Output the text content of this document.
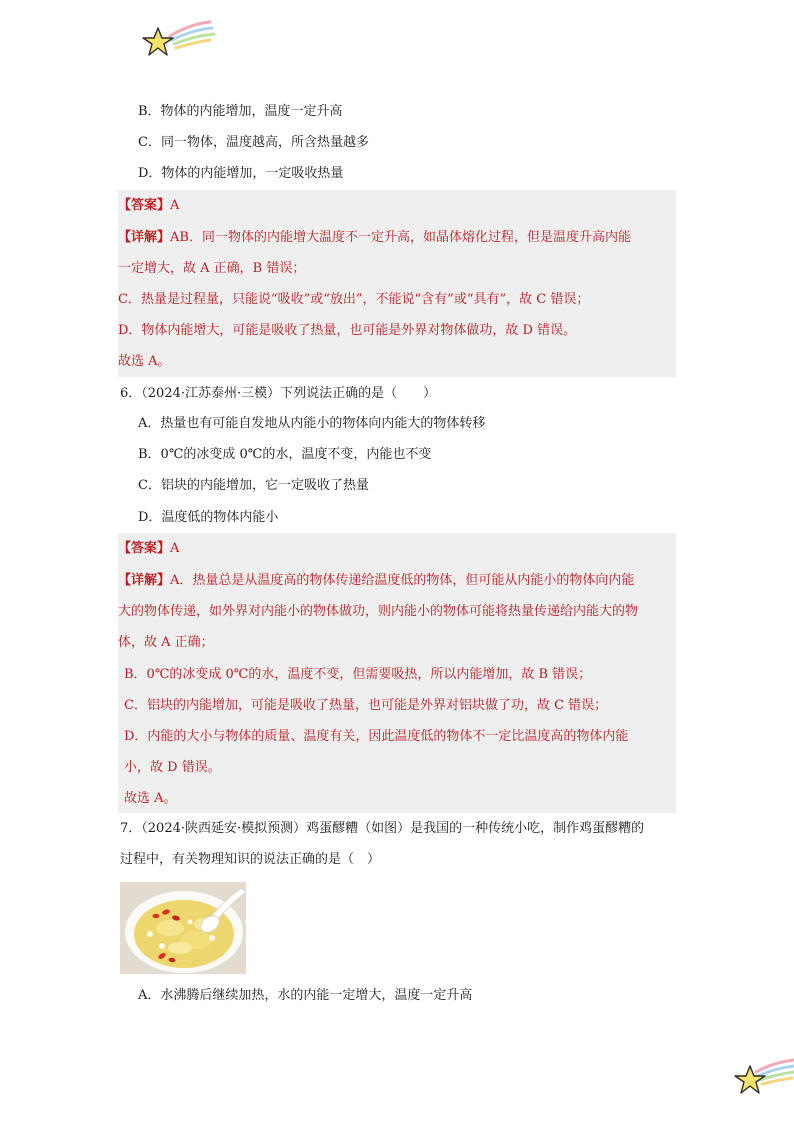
B．物体的内能增加，温度一定升高
C．同一物体，温度越高，所含热量越多
D．物体的内能增加，一定吸收热量
【答案】A
【详解】AB．同一物体的内能增大温度不一定升高，如晶体熔化过程，但是温度升高内能
一定增大，故 A 正确，B 错误；
C．热量是过程量，只能说“吸收”或“放出”，不能说“含有”或“具有”，故 C 错误；
D．物体内能增大，可能是吸收了热量，也可能是外界对物体做功，故 D 错误。
故选 A。
6．（2024·江苏泰州·三模）下列说法正确的是（　　）
A．热量也有可能自发地从内能小的物体向内能大的物体转移
B．0℃的冰变成 0℃的水，温度不变，内能也不变
C．铝块的内能增加，它一定吸收了热量
D．温度低的物体内能小
【答案】A
【详解】A．热量总是从温度高的物体传递给温度低的物体，但可能从内能小的物体向内能
大的物体传递，如外界对内能小的物体做功，则内能小的物体可能将热量传递给内能大的物
体，故 A 正确；
B．0℃的冰变成 0℃的水，温度不变，但需要吸热，所以内能增加，故 B 错误；
C．铝块的内能增加，可能是吸收了热量，也可能是外界对铝块做了功，故 C 错误；
D．内能的大小与物体的质量、温度有关，因此温度低的物体不一定比温度高的物体内能
小，故 D 错误。
故选 A。
7．（2024·陕西延安·模拟预测）鸡蛋醪糟（如图）是我国的一种传统小吃，制作鸡蛋醪糟的
过程中，有关物理知识的说法正确的是（　）
A．水沸腾后继续加热，水的内能一定增大，温度一定升高
